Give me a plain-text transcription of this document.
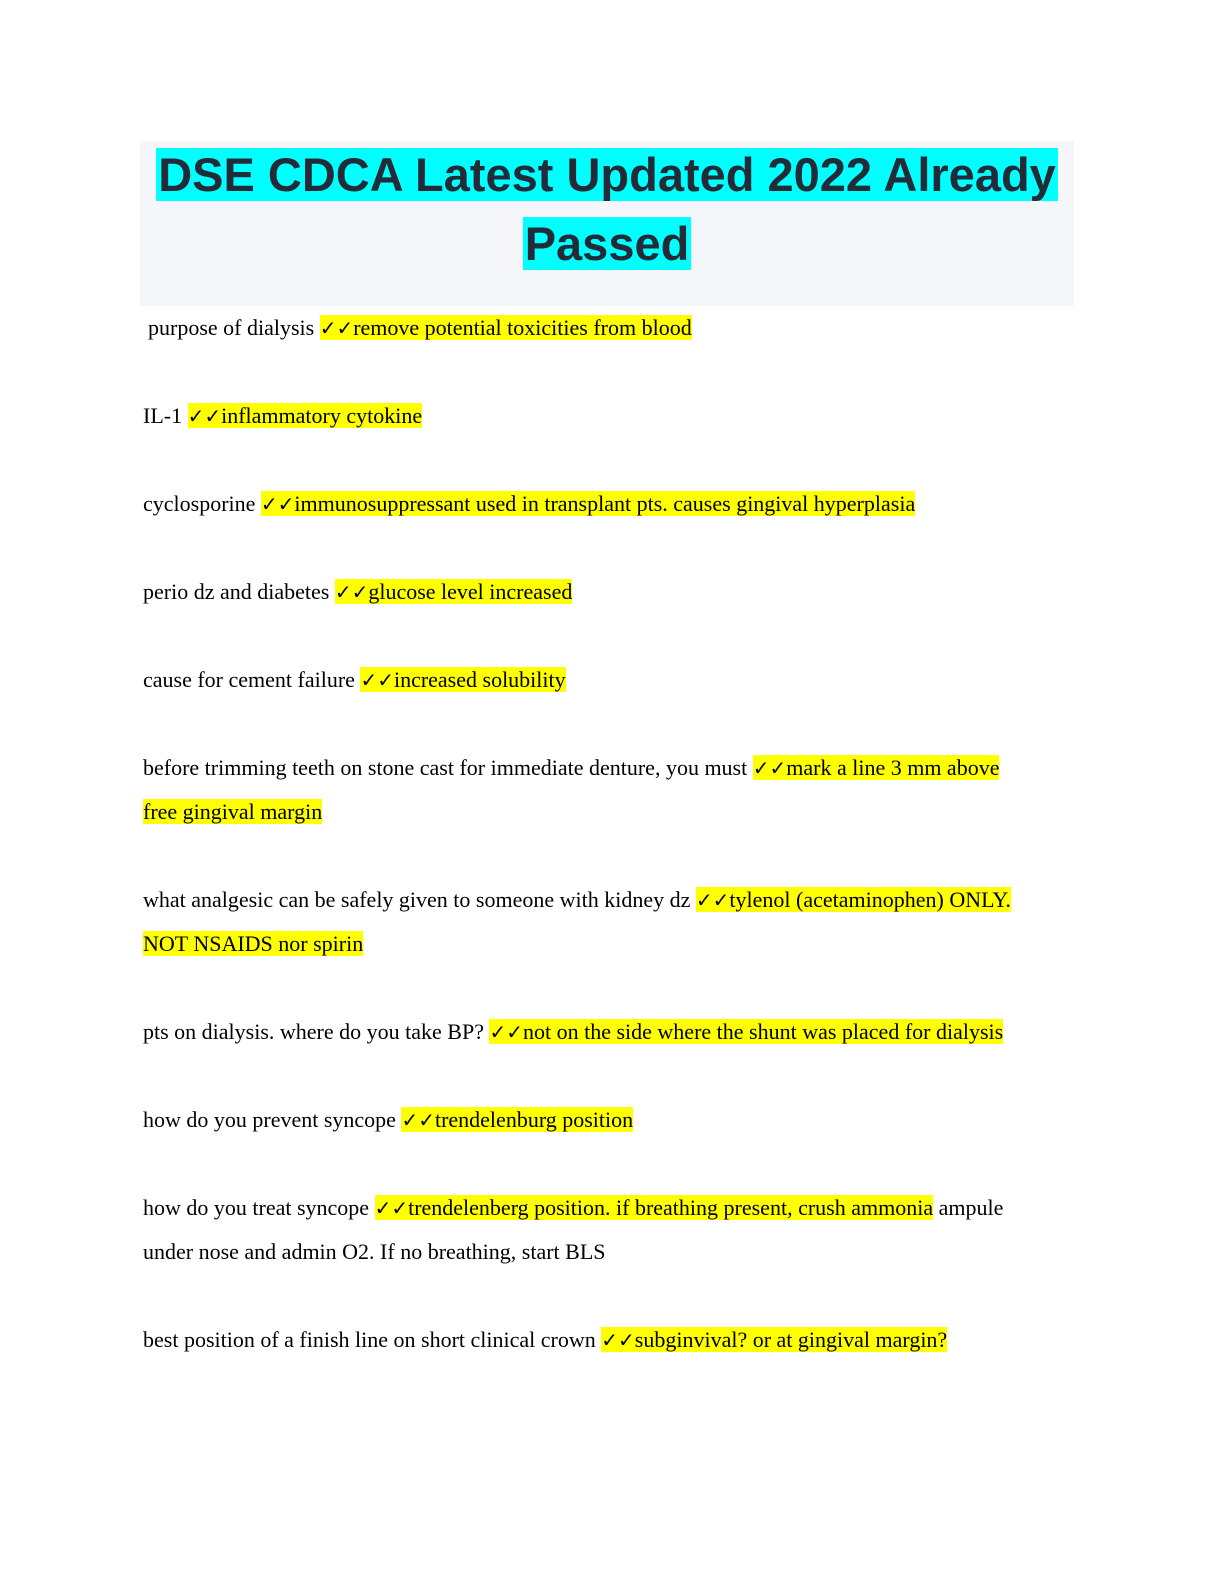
DSE CDCA Latest Updated 2022 Already
Passed

purpose of dialysis ✓✓remove potential toxicities from blood

IL-1 ✓✓inflammatory cytokine

cyclosporine ✓✓immunosuppressant used in transplant pts. causes gingival hyperplasia

perio dz and diabetes ✓✓glucose level increased

cause for cement failure ✓✓increased solubility

before trimming teeth on stone cast for immediate denture, you must ✓✓mark a line 3 mm above free gingival margin

what analgesic can be safely given to someone with kidney dz ✓✓tylenol (acetaminophen) ONLY. NOT NSAIDS nor spirin

pts on dialysis. where do you take BP? ✓✓not on the side where the shunt was placed for dialysis

how do you prevent syncope ✓✓trendelenburg position

how do you treat syncope ✓✓trendelenberg position. if breathing present, crush ammonia ampule under nose and admin O2. If no breathing, start BLS

best position of a finish line on short clinical crown ✓✓subginvival? or at gingival margin?
